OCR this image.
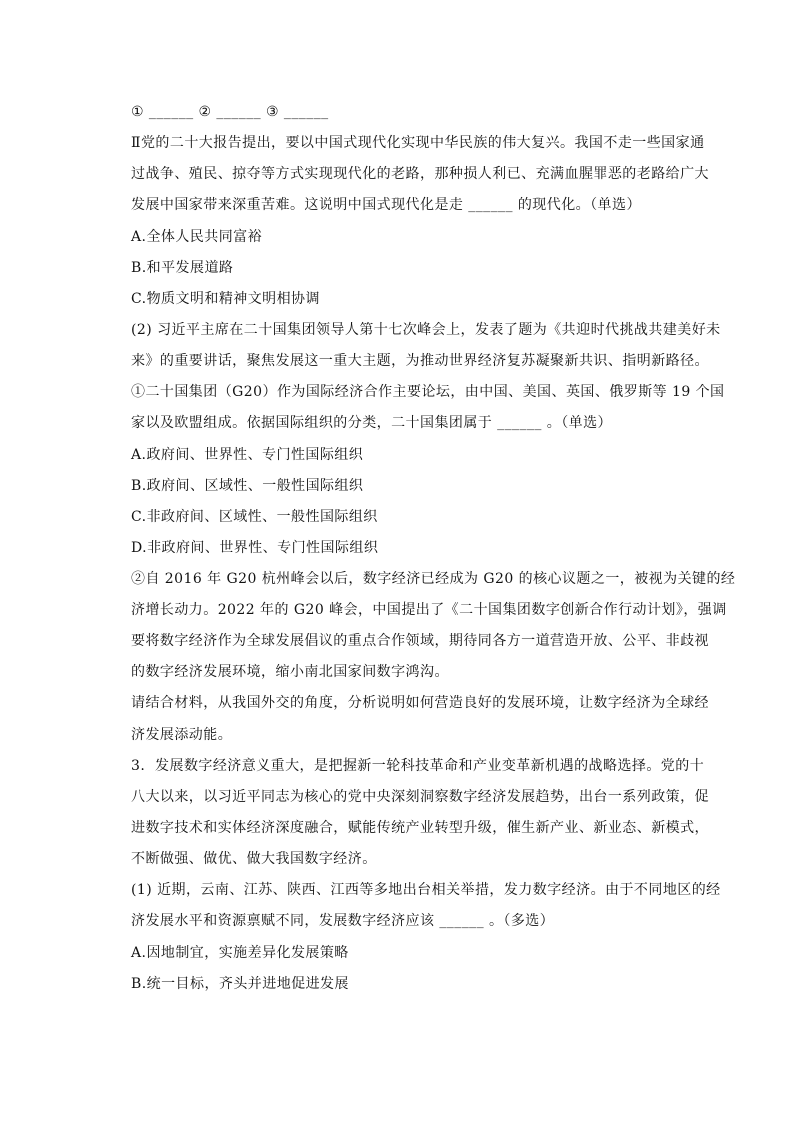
① ______ ② ______ ③ ______

Ⅱ党的二十大报告提出，要以中国式现代化实现中华民族的伟大复兴。我国不走一些国家通

过战争、殖民、掠夺等方式实现现代化的老路，那种损人利已、充满血腥罪恶的老路给广大

发展中国家带来深重苦难。这说明中国式现代化是走 ______ 的现代化。（单选）

A.全体人民共同富裕

B.和平发展道路

C.物质文明和精神文明相协调

(2) 习近平主席在二十国集团领导人第十七次峰会上，发表了题为《共迎时代挑战共建美好未

来》的重要讲话，聚焦发展这一重大主题，为推动世界经济复苏凝聚新共识、指明新路径。

①二十国集团（G20）作为国际经济合作主要论坛，由中国、美国、英国、俄罗斯等 19 个国

家以及欧盟组成。依据国际组织的分类，二十国集团属于 ______ 。（单选）

A.政府间、世界性、专门性国际组织

B.政府间、区域性、一般性国际组织

C.非政府间、区域性、一般性国际组织

D.非政府间、世界性、专门性国际组织

②自 2016 年 G20 杭州峰会以后，数字经济已经成为 G20 的核心议题之一，被视为关键的经

济增长动力。2022 年的 G20 峰会，中国提出了《二十国集团数字创新合作行动计划》，强调

要将数字经济作为全球发展倡议的重点合作领域，期待同各方一道营造开放、公平、非歧视

的数字经济发展环境，缩小南北国家间数字鸿沟。

请结合材料，从我国外交的角度，分析说明如何营造良好的发展环境，让数字经济为全球经

济发展添动能。

3.  发展数字经济意义重大，是把握新一轮科技革命和产业变革新机遇的战略选择。党的十

八大以来，以习近平同志为核心的党中央深刻洞察数字经济发展趋势，出台一系列政策，促

进数字技术和实体经济深度融合，赋能传统产业转型升级，催生新产业、新业态、新模式，

不断做强、做优、做大我国数字经济。

(1) 近期，云南、江苏、陕西、江西等多地出台相关举措，发力数字经济。由于不同地区的经

济发展水平和资源禀赋不同，发展数字经济应该 ______ 。（多选）

A.因地制宜，实施差异化发展策略

B.统一目标，齐头并进地促进发展
